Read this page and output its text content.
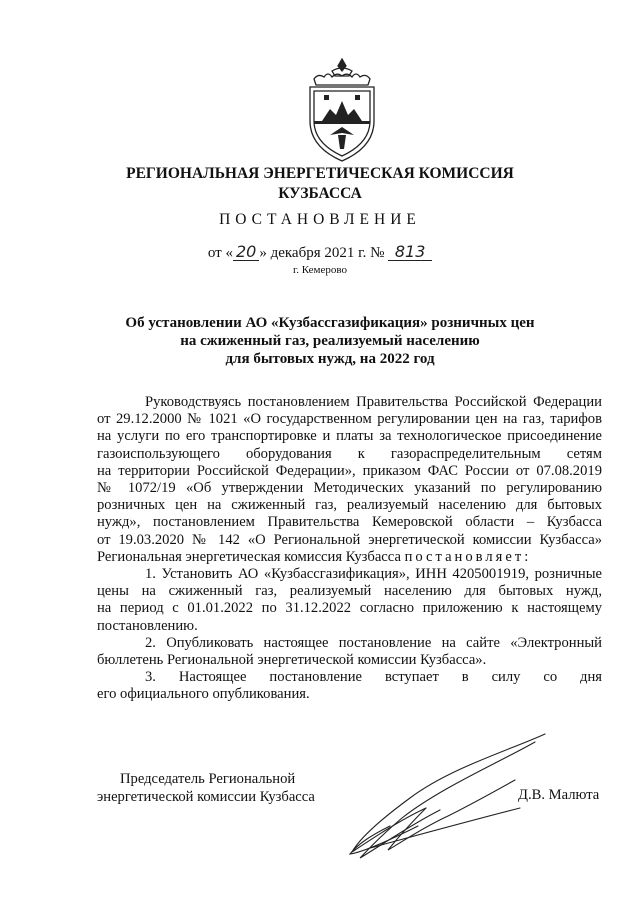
РЕГИОНАЛЬНАЯ ЭНЕРГЕТИЧЕСКАЯ КОМИССИЯ
КУЗБАССА
ПОСТАНОВЛЕНИЕ
от « 20 » декабря 2021 г. № 813
г. Кемерово
Об установлении АО «Кузбассгазификация» розничных цен
на сжиженный газ, реализуемый населению
для бытовых нужд, на 2022 год

Руководствуясь постановлением Правительства Российской Федерации

от 29.12.2000 № 1021 «О государственном регулировании цен на газ, тарифов

на услуги по его транспортировке и платы за технологическое присоединение

газоиспользующего оборудования к газораспределительным сетям

на территории Российской Федерации», приказом ФАС России от 07.08.2019

№ 1072/19 «Об утверждении Методических указаний по регулированию

розничных цен на сжиженный газ, реализуемый населению для бытовых

нужд», постановлением Правительства Кемеровской области – Кузбасса

от 19.03.2020 № 142 «О Региональной энергетической комиссии Кузбасса»

Региональная энергетическая комиссия Кузбасса постановляет:

1. Установить АО «Кузбассгазификация», ИНН 4205001919, розничные

цены на сжиженный газ, реализуемый населению для бытовых нужд,

на период с 01.01.2022 по 31.12.2022 согласно приложению к настоящему

постановлению.

2. Опубликовать настоящее постановление на сайте «Электронный

бюллетень Региональной энергетической комиссии Кузбасса».

3. Настоящее постановление вступает в силу со дня

его официального опубликования.

Председатель Региональной
энергетической комиссии Кузбасса	Д.В. Малюта
